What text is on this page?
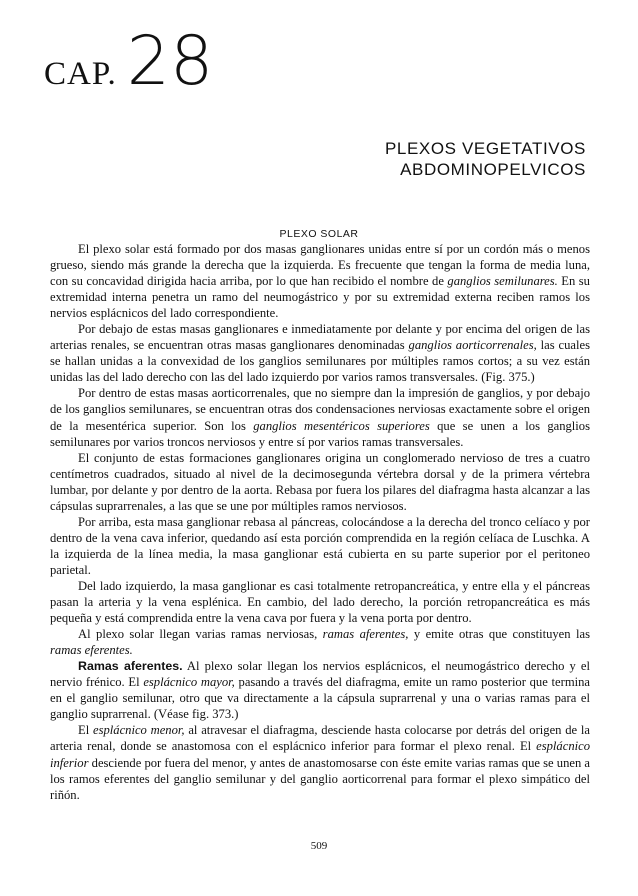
CAP. 28
PLEXOS VEGETATIVOS
ABDOMINOPELVICOS
PLEXO SOLAR

El plexo solar está formado por dos masas ganglionares unidas entre sí por un cordón más o menos grueso, siendo más grande la derecha que la izquierda. Es frecuente que tengan la forma de media luna, con su concavidad dirigida hacia arriba, por lo que han recibido el nombre de ganglios semilunares. En su extremidad interna penetra un ramo del neumogástrico y por su extremidad externa reciben ramos los nervios esplácnicos del lado correspondiente.

Por debajo de estas masas ganglionares e inmediatamente por delante y por encima del origen de las arterias renales, se encuentran otras masas ganglionares denominadas ganglios aorticorrenales, las cuales se hallan unidas a la convexidad de los ganglios semilunares por múltiples ramos cortos; a su vez están unidas las del lado derecho con las del lado izquierdo por varios ramos transversales. (Fig. 375.)

Por dentro de estas masas aorticorrenales, que no siempre dan la impresión de ganglios, y por debajo de los ganglios semilunares, se encuentran otras dos condensaciones nerviosas exactamente sobre el origen de la mesentérica superior. Son los ganglios mesentéricos superiores que se unen a los ganglios semilunares por varios troncos nerviosos y entre sí por varios ramas transversales.

El conjunto de estas formaciones ganglionares origina un conglomerado nervioso de tres a cuatro centímetros cuadrados, situado al nivel de la decimosegunda vértebra dorsal y de la primera vértebra lumbar, por delante y por dentro de la aorta. Rebasa por fuera los pilares del diafragma hasta alcanzar a las cápsulas suprarrenales, a las que se une por múltiples ramos nerviosos.

Por arriba, esta masa ganglionar rebasa al páncreas, colocándose a la derecha del tronco celíaco y por dentro de la vena cava inferior, quedando así esta porción comprendida en la región celíaca de Luschka. A la izquierda de la línea media, la masa ganglionar está cubierta en su parte superior por el peritoneo parietal.

Del lado izquierdo, la masa ganglionar es casi totalmente retropancreática, y entre ella y el páncreas pasan la arteria y la vena esplénica. En cambio, del lado derecho, la porción retropancreática es más pequeña y está comprendida entre la vena cava por fuera y la vena porta por dentro.

Al plexo solar llegan varias ramas nerviosas, ramas aferentes, y emite otras que constituyen las ramas eferentes.

Ramas aferentes. Al plexo solar llegan los nervios esplácnicos, el neumogástrico derecho y el nervio frénico. El esplácnico mayor, pasando a través del diafragma, emite un ramo posterior que termina en el ganglio semilunar, otro que va directamente a la cápsula suprarrenal y una o varias ramas para el ganglio suprarrenal. (Véase fig. 373.)

El esplácnico menor, al atravesar el diafragma, desciende hasta colocarse por detrás del origen de la arteria renal, donde se anastomosa con el esplácnico inferior para formar el plexo renal. El esplácnico inferior desciende por fuera del menor, y antes de anastomosarse con éste emite varias ramas que se unen a los ramos eferentes del ganglio semilunar y del ganglio aorticorrenal para formar el plexo simpático del riñón.

509
